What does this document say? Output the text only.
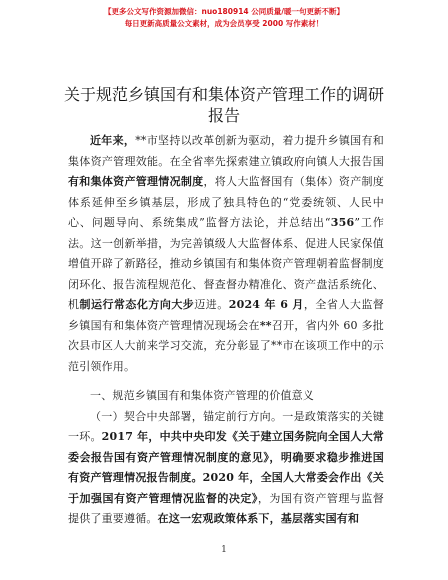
【更多公文写作资源加微信：nuo180914 公同质量/暖一句更新不断】
每日更新高质量公文素材，成为会员享受 2000 写作素材！
关于规范乡镇国有和集体资产管理工作的调研
报告

近年来，**市坚持以改革创新为驱动，着力提升乡镇国有和集体资产管理效能。在全省率先探索建立镇政府向镇人大报告国有和集体资产管理情况制度，将人大监督国有（集体）资产制度体系延伸至乡镇基层，形成了独具特色的“党委统领、人民中心、问题导向、系统集成”监督方法论，并总结出“356”工作法。这一创新举措，为完善镇级人大监督体系、促进人民家保值增值开辟了新路径，推动乡镇国有和集体资产管理朝着监督制度闭环化、报告流程规范化、督查督办精准化、资产盘活系统化、机制运行常态化方向大步迈进。2024 年 6 月，全省人大监督乡镇国有和集体资产管理情况现场会在**召开，省内外 60 多批次县市区人大前来学习交流，充分彰显了**市在该项工作中的示范引领作用。

一、规范乡镇国有和集体资产管理的价值意义

（一）契合中央部署，锚定前行方向。一是政策落实的关键一环。2017 年，中共中央印发《关于建立国务院向全国人大常委会报告国有资产管理情况制度的意见》，明确要求稳步推进国有资产管理情况报告制度。2020 年，全国人大常委会作出《关于加强国有资产管理情况监督的决定》，为国有资产管理与监督提供了重要遵循。在这一宏观政策体系下，基层落实国有和

1
